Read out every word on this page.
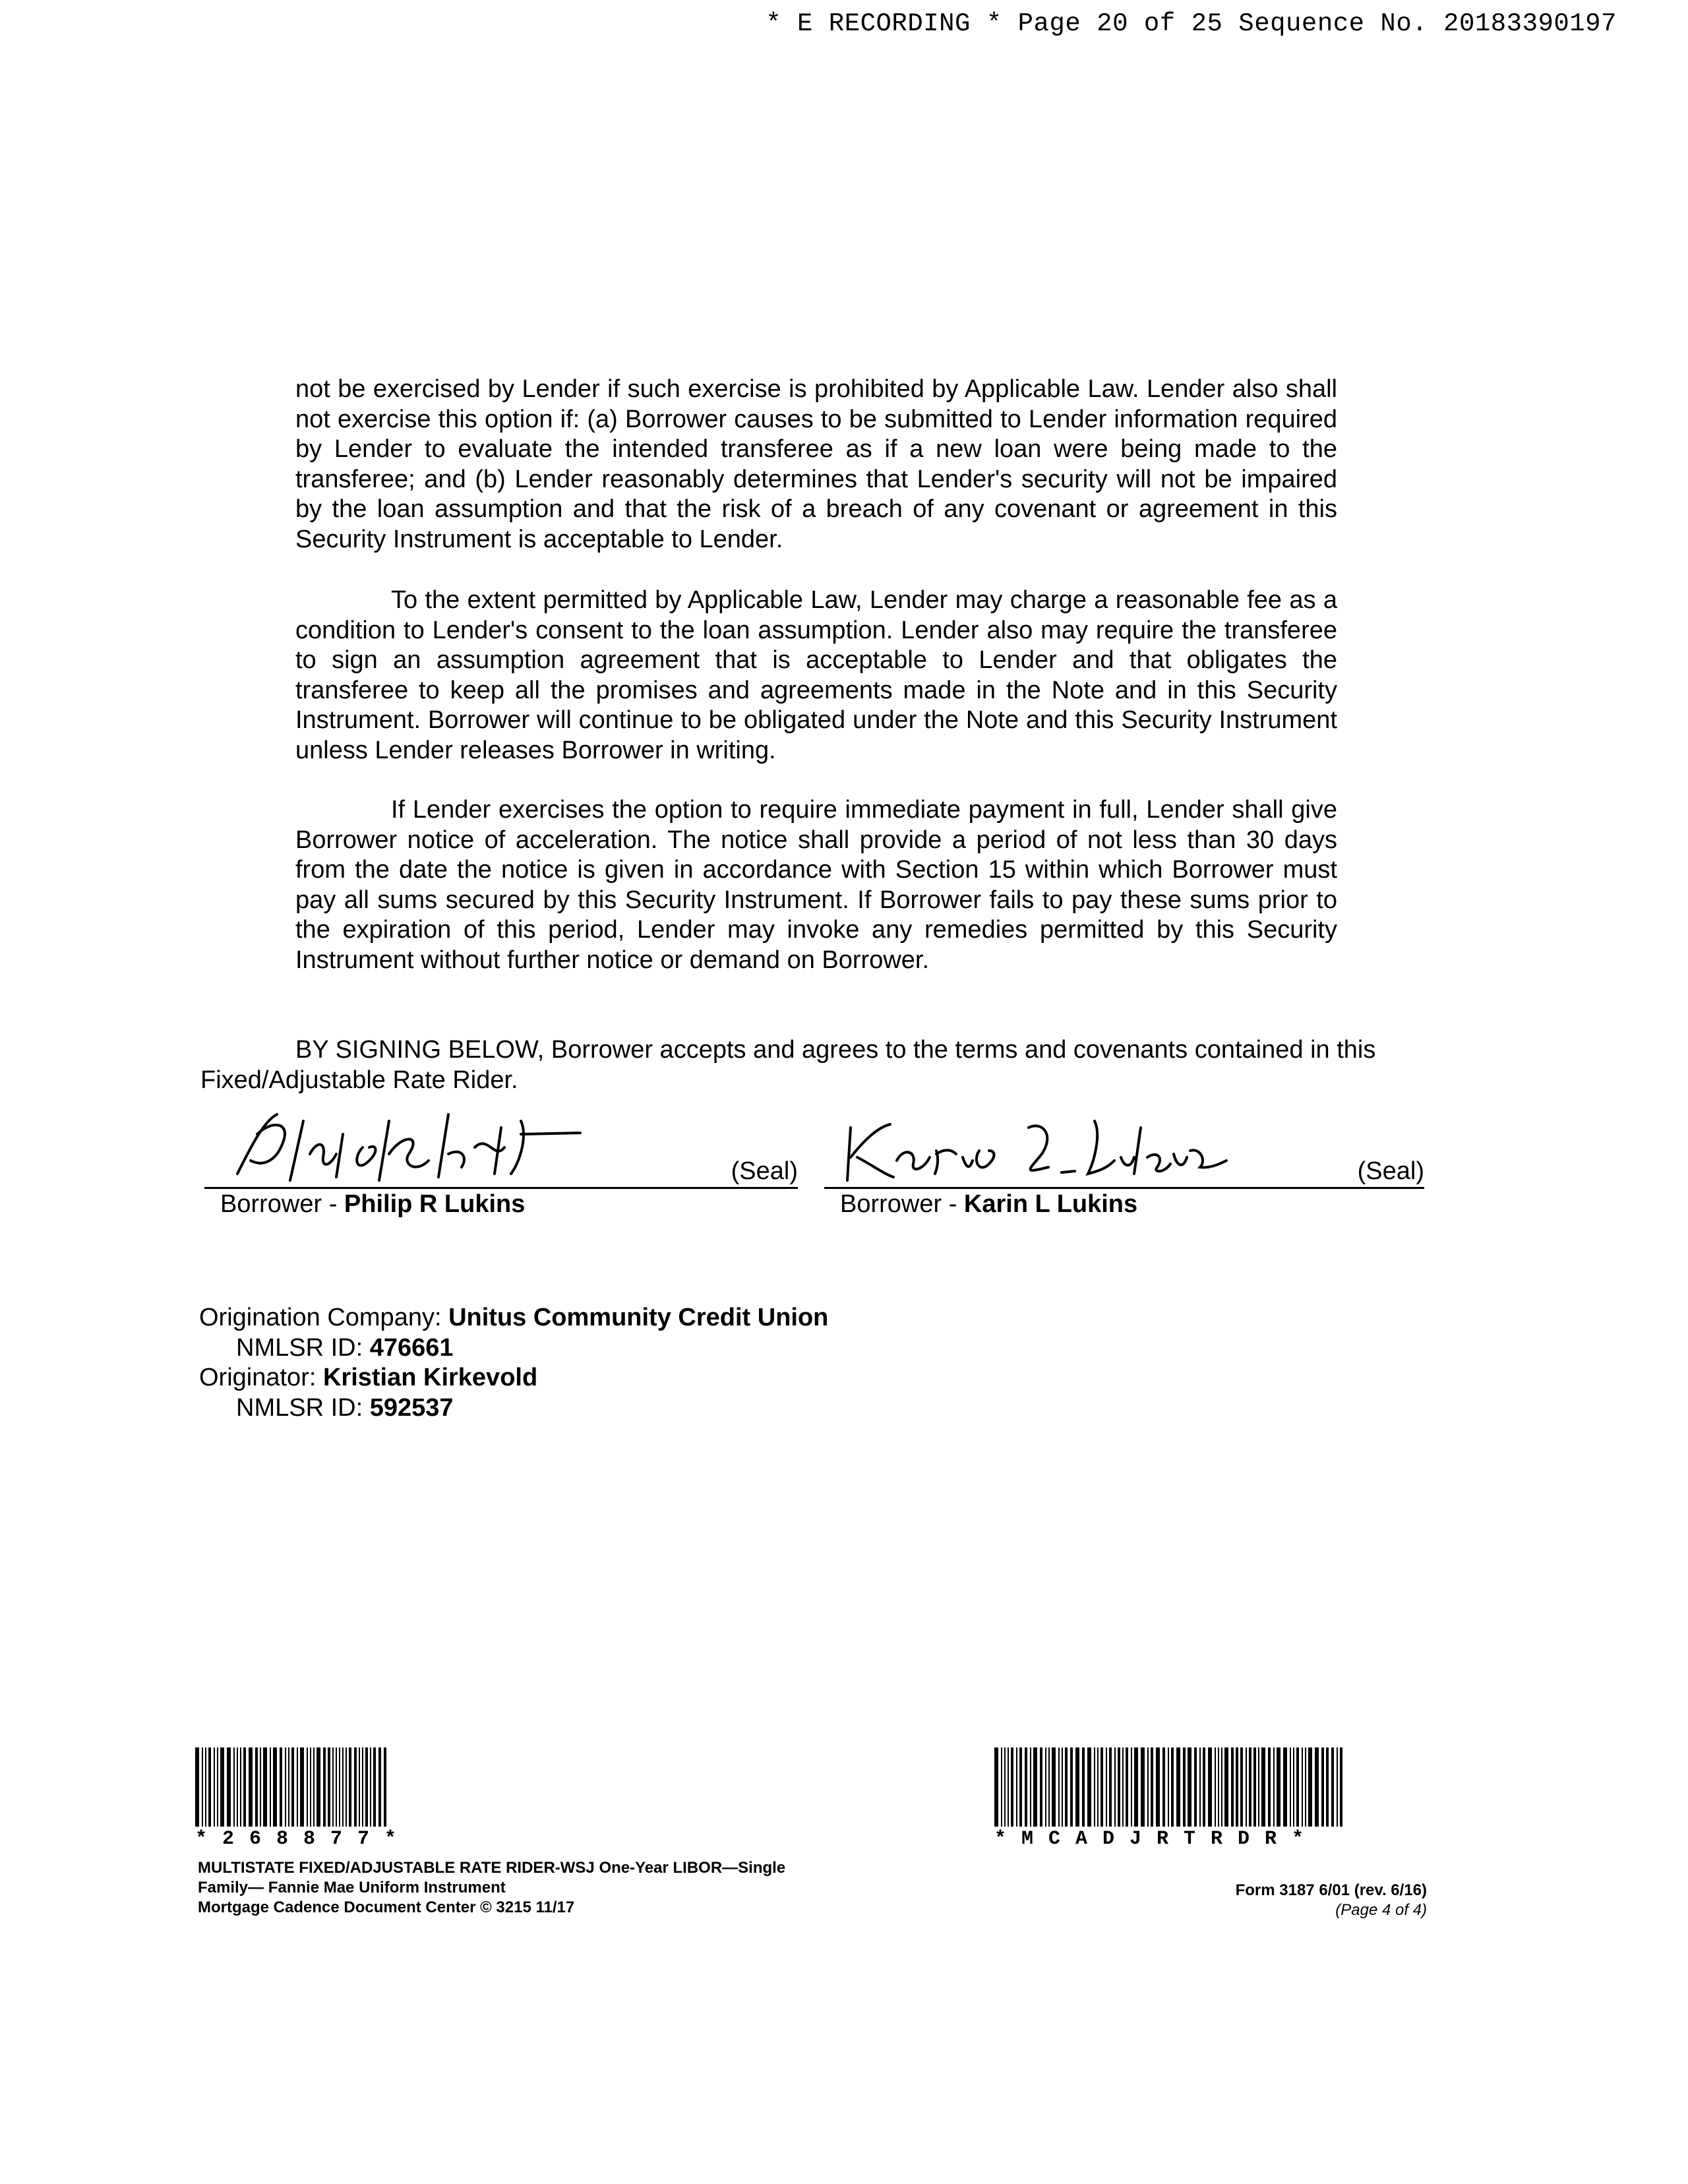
* E RECORDING * Page 20 of 25 Sequence No. 20183390197

not be exercised by Lender if such exercise is prohibited by Applicable Law. Lender also shall not exercise this option if: (a) Borrower causes to be submitted to Lender information required by Lender to evaluate the intended transferee as if a new loan were being made to the transferee; and (b) Lender reasonably determines that Lender's security will not be impaired by the loan assumption and that the risk of a breach of any covenant or agreement in this Security Instrument is acceptable to Lender.

To the extent permitted by Applicable Law, Lender may charge a reasonable fee as a condition to Lender's consent to the loan assumption. Lender also may require the transferee to sign an assumption agreement that is acceptable to Lender and that obligates the transferee to keep all the promises and agreements made in the Note and in this Security Instrument. Borrower will continue to be obligated under the Note and this Security Instrument unless Lender releases Borrower in writing.

If Lender exercises the option to require immediate payment in full, Lender shall give Borrower notice of acceleration. The notice shall provide a period of not less than 30 days from the date the notice is given in accordance with Section 15 within which Borrower must pay all sums secured by this Security Instrument. If Borrower fails to pay these sums prior to the expiration of this period, Lender may invoke any remedies permitted by this Security Instrument without further notice or demand on Borrower.

BY SIGNING BELOW, Borrower accepts and agrees to the terms and covenants contained in this
Fixed/Adjustable Rate Rider.
(Seal)
Borrower - Philip R Lukins
(Seal)
Borrower - Karin L Lukins
Origination Company: Unitus Community Credit Union
NMLSR ID: 476661
Originator: Kristian Kirkevold
NMLSR ID: 592537
*268877*	*MCADJRTRDR*
MULTISTATE FIXED/ADJUSTABLE RATE RIDER-WSJ One-Year LIBOR—Single
Family— Fannie Mae Uniform Instrument
Mortgage Cadence Document Center © 3215 11/17
Form 3187 6/01 (rev. 6/16)
(Page 4 of 4)
